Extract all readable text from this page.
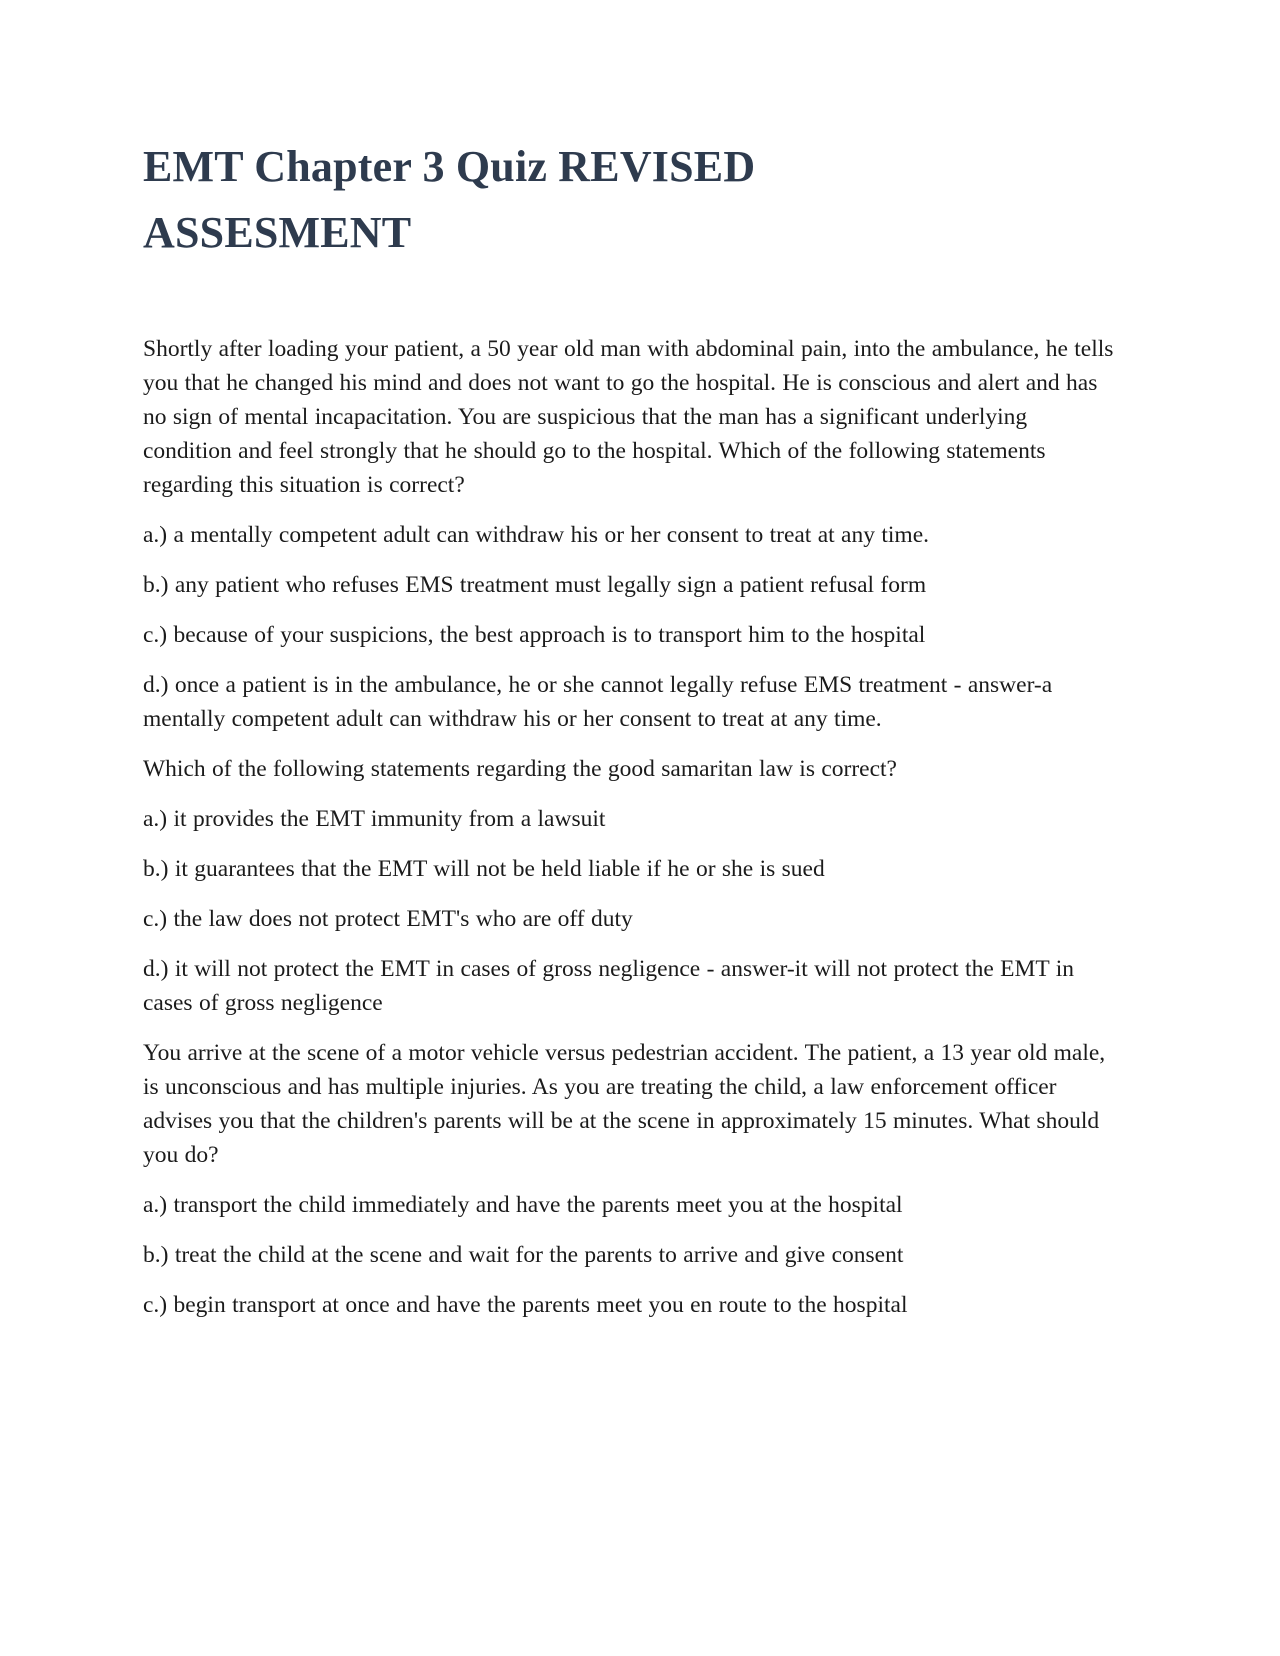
EMT Chapter 3 Quiz REVISED
ASSESMENT

Shortly after loading your patient, a 50 year old man with abdominal pain, into the ambulance, he tells you that he changed his mind and does not want to go the hospital. He is conscious and alert and has no sign of mental incapacitation. You are suspicious that the man has a significant underlying condition and feel strongly that he should go to the hospital. Which of the following statements regarding this situation is correct?

a.) a mentally competent adult can withdraw his or her consent to treat at any time.

b.) any patient who refuses EMS treatment must legally sign a patient refusal form

c.) because of your suspicions, the best approach is to transport him to the hospital

d.) once a patient is in the ambulance, he or she cannot legally refuse EMS treatment - answer-a mentally competent adult can withdraw his or her consent to treat at any time.

Which of the following statements regarding the good samaritan law is correct?

a.) it provides the EMT immunity from a lawsuit

b.) it guarantees that the EMT will not be held liable if he or she is sued

c.) the law does not protect EMT's who are off duty

d.) it will not protect the EMT in cases of gross negligence - answer-it will not protect the EMT in cases of gross negligence

You arrive at the scene of a motor vehicle versus pedestrian accident. The patient, a 13 year old male, is unconscious and has multiple injuries. As you are treating the child, a law enforcement officer advises you that the children's parents will be at the scene in approximately 15 minutes. What should you do?

a.) transport the child immediately and have the parents meet you at the hospital

b.) treat the child at the scene and wait for the parents to arrive and give consent

c.) begin transport at once and have the parents meet you en route to the hospital
